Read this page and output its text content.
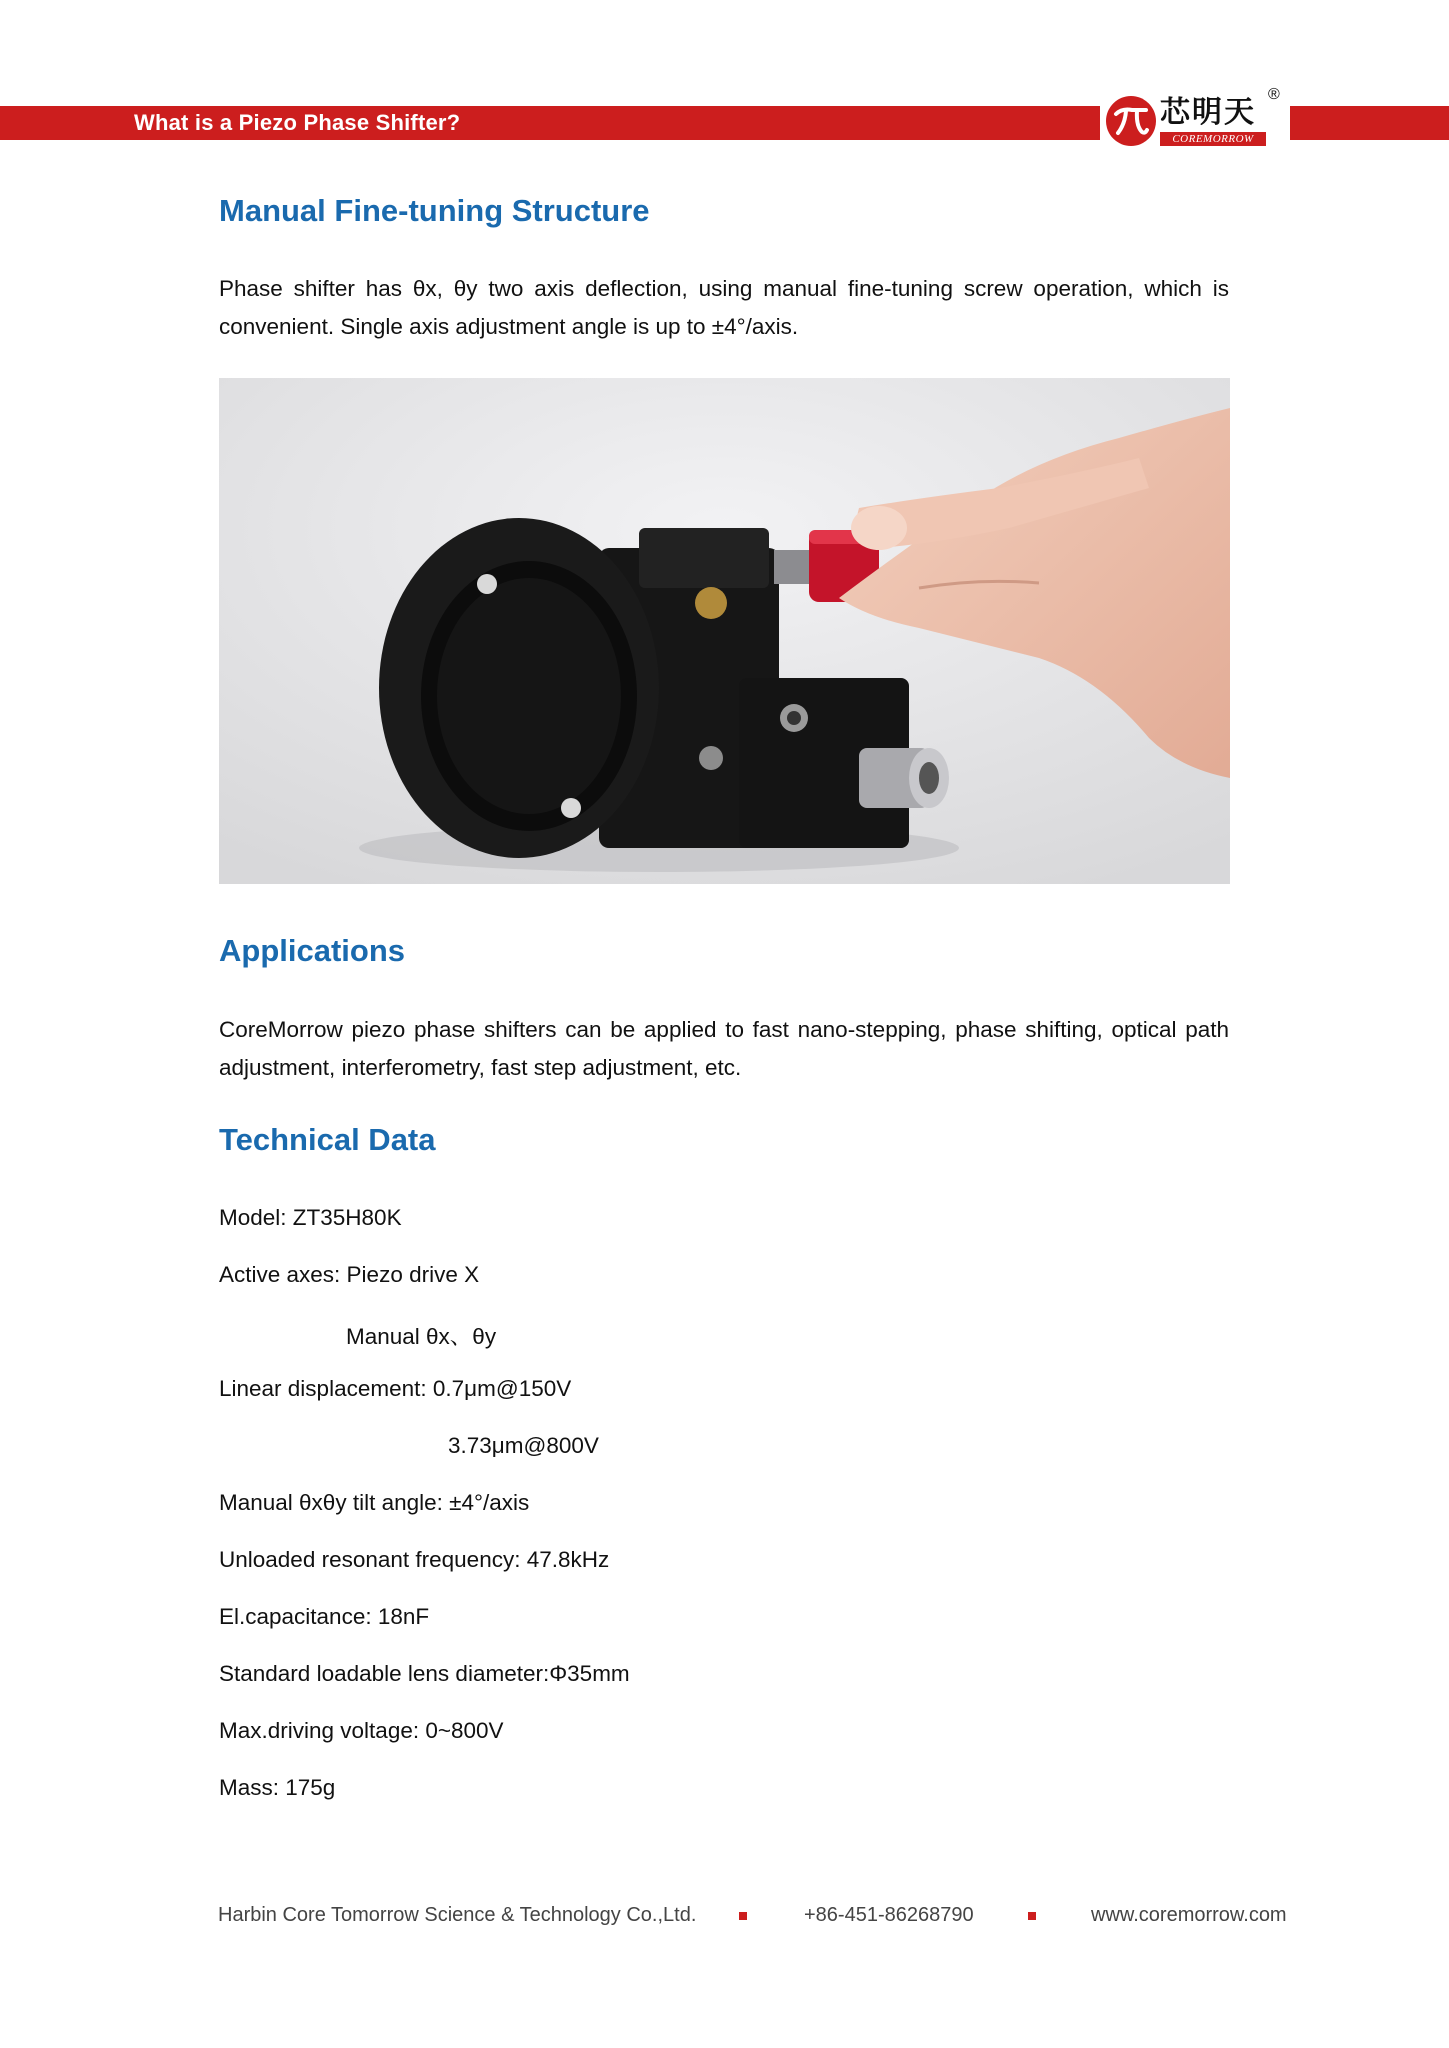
What is a Piezo Phase Shifter?	芯明天
®
COREMORROW
Manual Fine-tuning Structure
Phase shifter has θx, θy two axis deflection, using manual fine-tuning screw operation, which is convenient. Single axis adjustment angle is up to ±4°/axis.
Applications
CoreMorrow piezo phase shifters can be applied to fast nano-stepping, phase shifting, optical path adjustment, interferometry, fast step adjustment, etc.
Technical Data
Model: ZT35H80K
Active axes: Piezo drive X
Manual θx、θy
Linear displacement: 0.7μm@150V
3.73μm@800V
Manual θxθy tilt angle: ±4°/axis
Unloaded resonant frequency: 47.8kHz
El.capacitance: 18nF
Standard loadable lens diameter:Φ35mm
Max.driving voltage: 0~800V
Mass: 175g
Harbin Core Tomorrow Science & Technology Co.,Ltd.	+86-451-86268790	www.coremorrow.com
